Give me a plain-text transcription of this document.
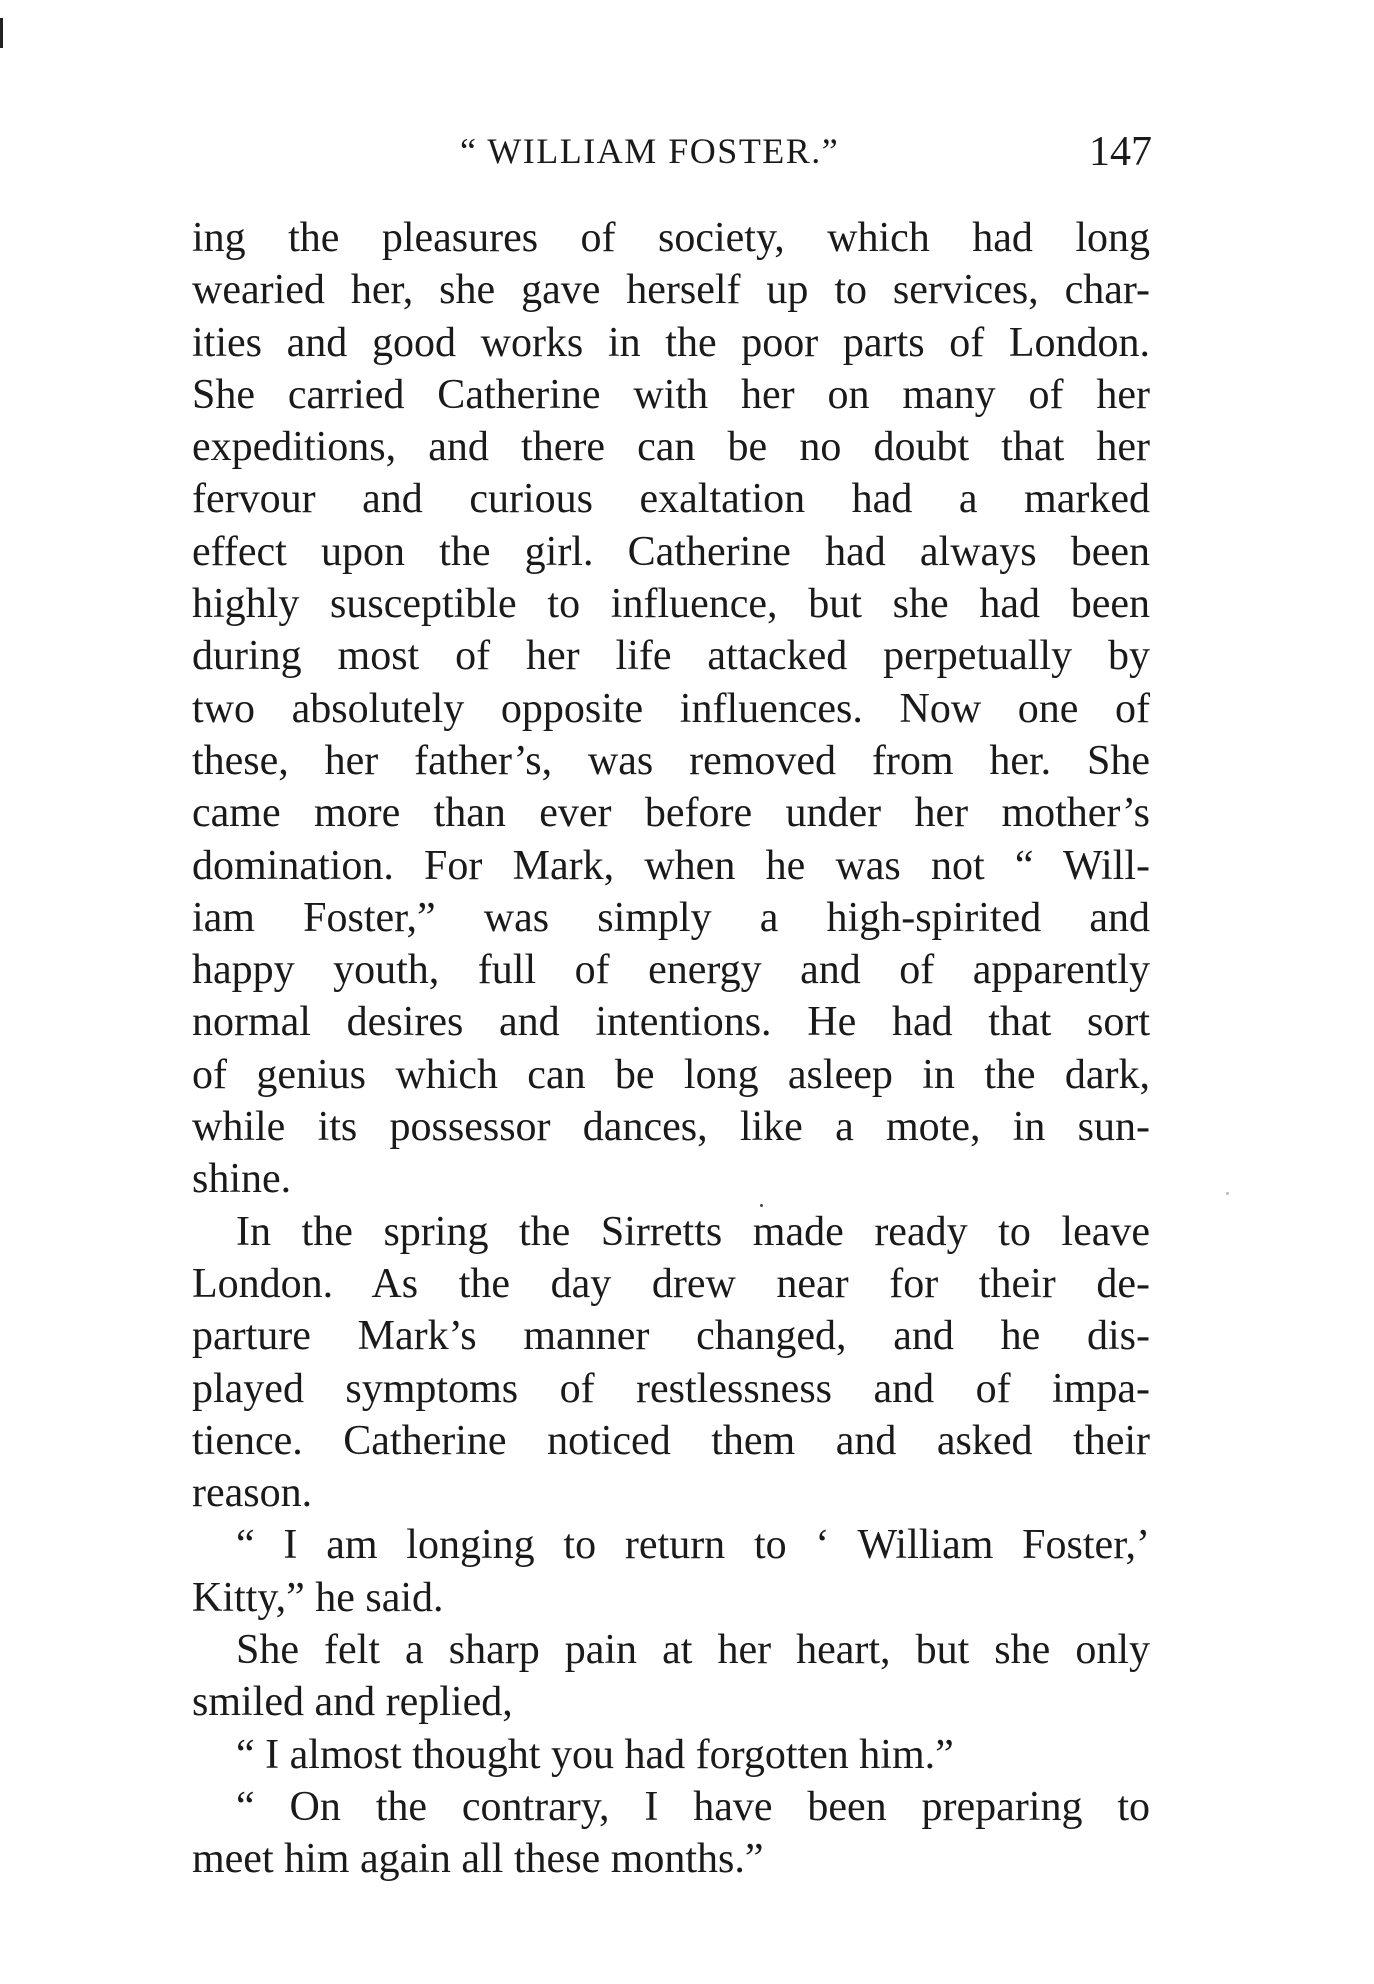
“ WILLIAM FOSTER.”	147
ing the pleasures of society, which had long
wearied her, she gave herself up to services, char-
ities and good works in the poor parts of London.
She carried Catherine with her on many of her
expeditions, and there can be no doubt that her
fervour and curious exaltation had a marked
effect upon the girl. Catherine had always been
highly susceptible to influence, but she had been
during most of her life attacked perpetually by
two absolutely opposite influences. Now one of
these, her father’s, was removed from her. She
came more than ever before under her mother’s
domination. For Mark, when he was not “ Will-
iam Foster,” was simply a high-spirited and
happy youth, full of energy and of apparently
normal desires and intentions. He had that sort
of genius which can be long asleep in the dark,
while its possessor dances, like a mote, in sun-
shine.
In the spring the Sirretts made ready to leave
London. As the day drew near for their de-
parture Mark’s manner changed, and he dis-
played symptoms of restlessness and of impa-
tience. Catherine noticed them and asked their
reason.
“ I am longing to return to ‘ William Foster,’
Kitty,” he said.
She felt a sharp pain at her heart, but she only
smiled and replied,
“ I almost thought you had forgotten him.”
“ On the contrary, I have been preparing to
meet him again all these months.”
